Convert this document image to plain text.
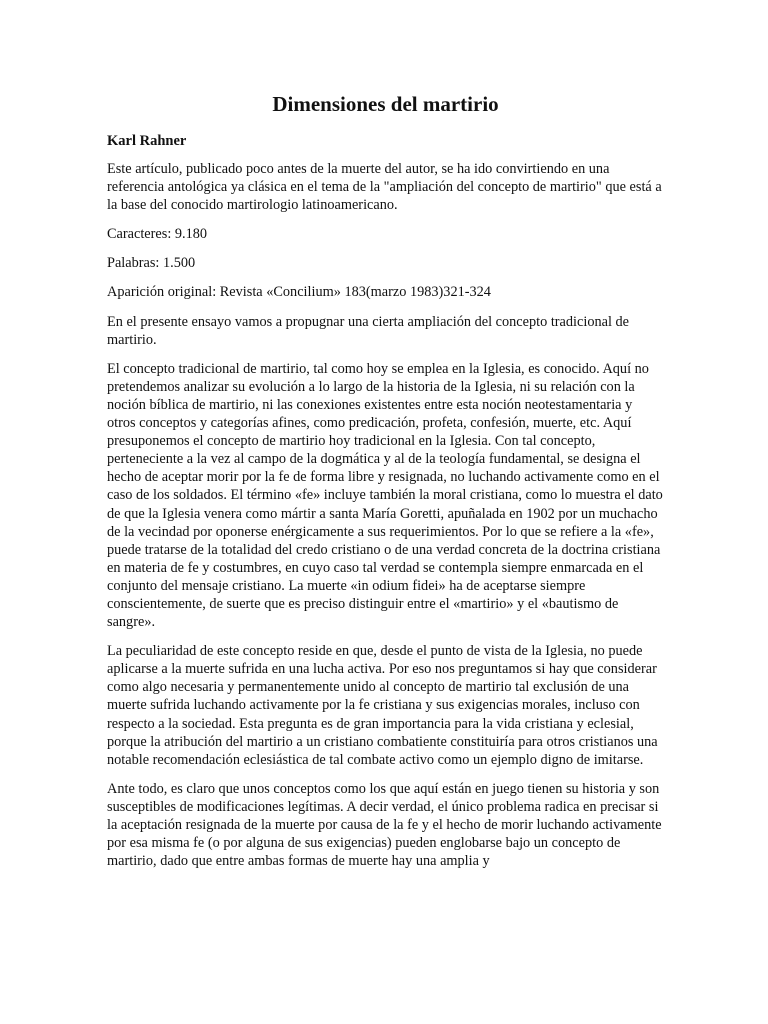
Dimensiones del martirio

Karl Rahner

Este artículo, publicado poco antes de la muerte del autor, se ha ido convirtiendo en una referencia antológica ya clásica en el tema de la "ampliación del concepto de martirio" que está a la base del conocido martirologio latinoamericano.

Caracteres: 9.180

Palabras: 1.500

Aparición original: Revista «Concilium» 183(marzo 1983)321-324

En el presente ensayo vamos a propugnar una cierta ampliación del concepto tradicional de martirio.

El concepto tradicional de martirio, tal como hoy se emplea en la Iglesia, es conocido. Aquí no pretendemos analizar su evolución a lo largo de la historia de la Iglesia, ni su relación con la noción bíblica de martirio, ni las conexiones existentes entre esta noción neotestamentaria y otros conceptos y categorías afines, como predicación, profeta, confesión, muerte, etc. Aquí presuponemos el concepto de martirio hoy tradicional en la Iglesia. Con tal concepto, perteneciente a la vez al campo de la dogmática y al de la teología fundamental, se designa el hecho de aceptar morir por la fe de forma libre y resignada, no luchando activamente como en el caso de los soldados. El término «fe» incluye también la moral cristiana, como lo muestra el dato de que la Iglesia venera como mártir a santa María Goretti, apuñalada en 1902 por un muchacho de la vecindad por oponerse enérgicamente a sus requerimientos. Por lo que se refiere a la «fe», puede tratarse de la totalidad del credo cristiano o de una verdad concreta de la doctrina cristiana en materia de fe y costumbres, en cuyo caso tal verdad se contempla siempre enmarcada en el conjunto del mensaje cristiano. La muerte «in odium fidei» ha de aceptarse siempre conscientemente, de suerte que es preciso distinguir entre el «martirio» y el «bautismo de sangre».

La peculiaridad de este concepto reside en que, desde el punto de vista de la Iglesia, no puede aplicarse a la muerte sufrida en una lucha activa. Por eso nos preguntamos si hay que considerar como algo necesaria y permanentemente unido al concepto de martirio tal exclusión de una muerte sufrida luchando activamente por la fe cristiana y sus exigencias morales, incluso con respecto a la sociedad. Esta pregunta es de gran importancia para la vida cristiana y eclesial, porque la atribución del martirio a un cristiano combatiente constituiría para otros cristianos una notable recomendación eclesiástica de tal combate activo como un ejemplo digno de imitarse.

Ante todo, es claro que unos conceptos como los que aquí están en juego tienen su historia y son susceptibles de modificaciones legítimas. A decir verdad, el único problema radica en precisar si la aceptación resignada de la muerte por causa de la fe y el hecho de morir luchando activamente por esa misma fe (o por alguna de sus exigencias) pueden englobarse bajo un concepto de martirio, dado que entre ambas formas de muerte hay una amplia y
